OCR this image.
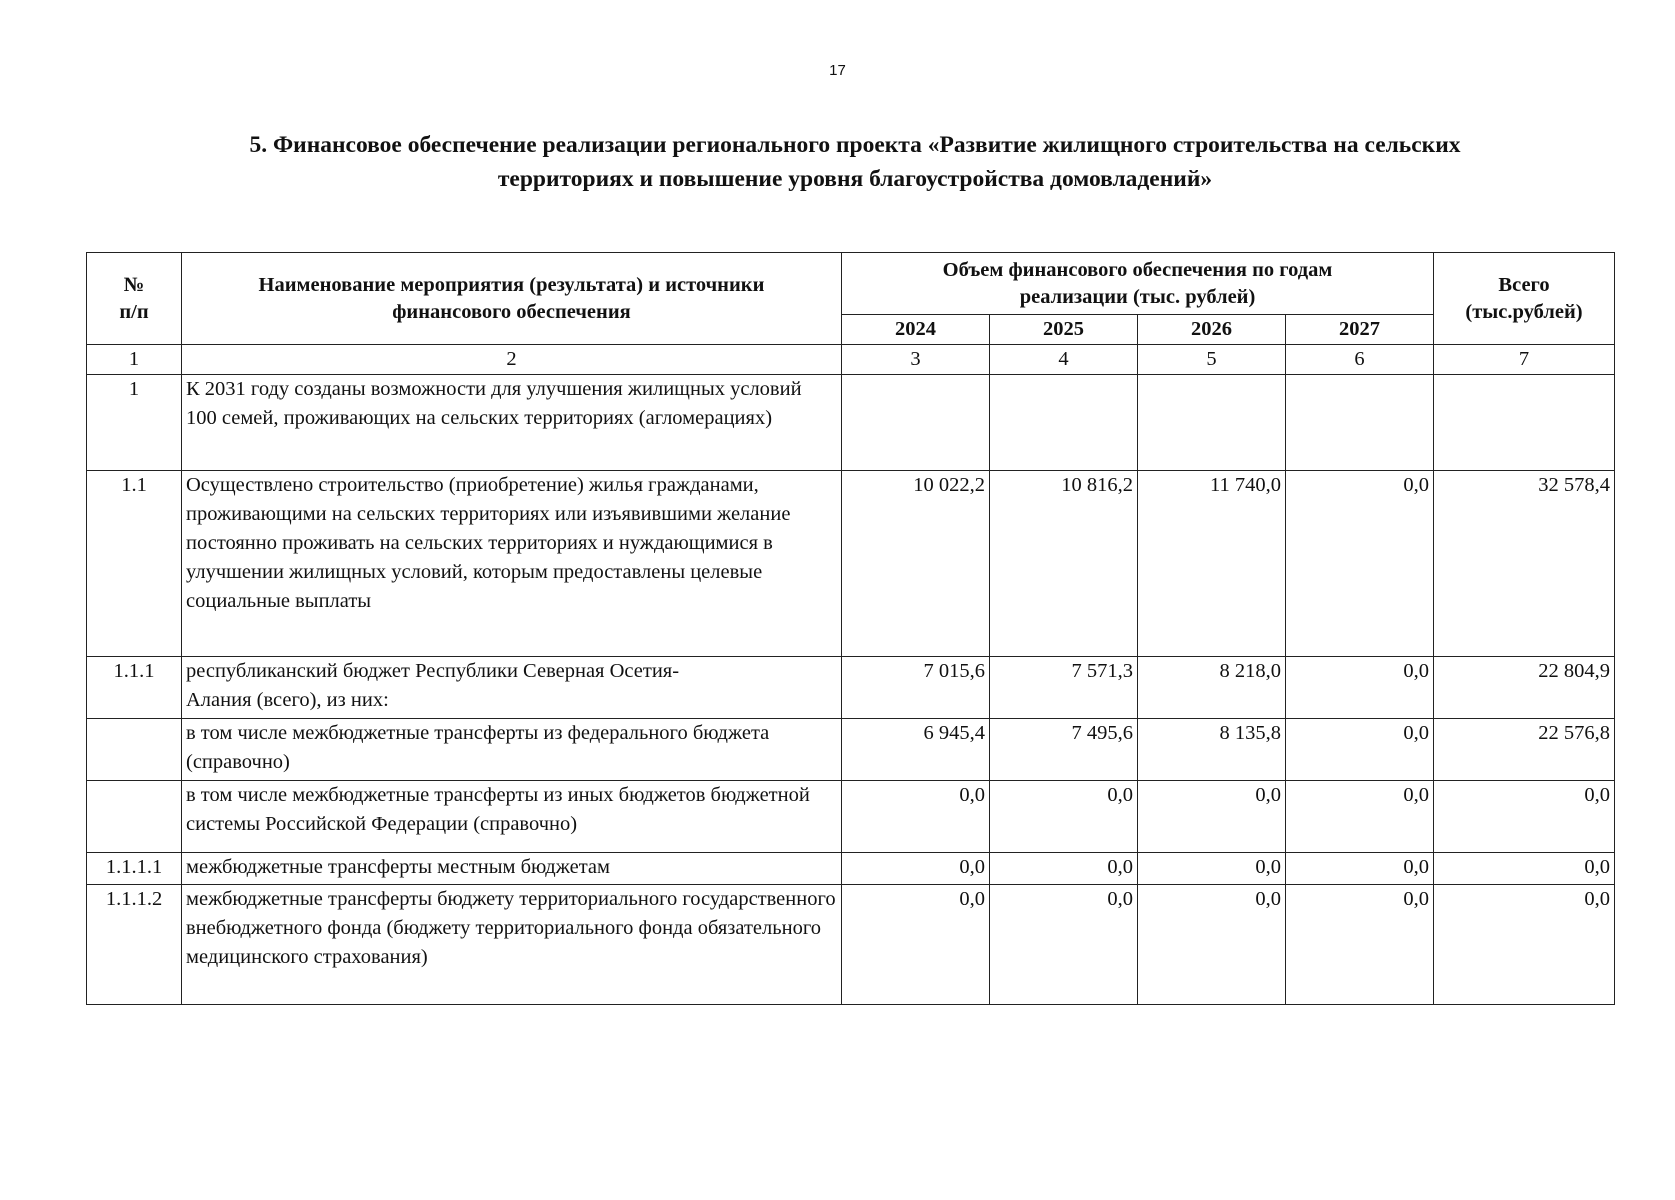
17
5. Финансовое обеспечение реализации регионального проекта «Развитие жилищного строительства на сельских
территориях и повышение уровня благоустройства домовладений»
№
п/п	Наименование мероприятия (результата) и источники финансового обеспечения	Объем финансового обеспечения по годам реализации (тыс. рублей)				Всего
(тыс.рублей)
		2024	2025	2026	2027	
1	2	3	4	5	6	7
1	К 2031 году созданы возможности для улучшения жилищных условий 100 семей, проживающих на сельских территориях (агломерациях)					
1.1	Осуществлено строительство (приобретение) жилья гражданами, проживающими на сельских территориях или изъявившими желание постоянно проживать на сельских территориях и нуждающимися в улучшении жилищных условий, которым предоставлены целевые социальные выплаты	10 022,2	10 816,2	11 740,0	0,0	32 578,4
1.1.1	республиканский бюджет Республики Северная Осетия-Алания (всего), из них:	7 015,6	7 571,3	8 218,0	0,0	22 804,9
	в том числе межбюджетные трансферты из федерального бюджета (справочно)	6 945,4	7 495,6	8 135,8	0,0	22 576,8
	в том числе межбюджетные трансферты из иных бюджетов бюджетной системы Российской Федерации (справочно)	0,0	0,0	0,0	0,0	0,0
1.1.1.1	межбюджетные трансферты местным бюджетам	0,0	0,0	0,0	0,0	0,0
1.1.1.2	межбюджетные трансферты бюджету территориального государственного внебюджетного фонда (бюджету территориального фонда обязательного медицинского страхования)	0,0	0,0	0,0	0,0	0,0
